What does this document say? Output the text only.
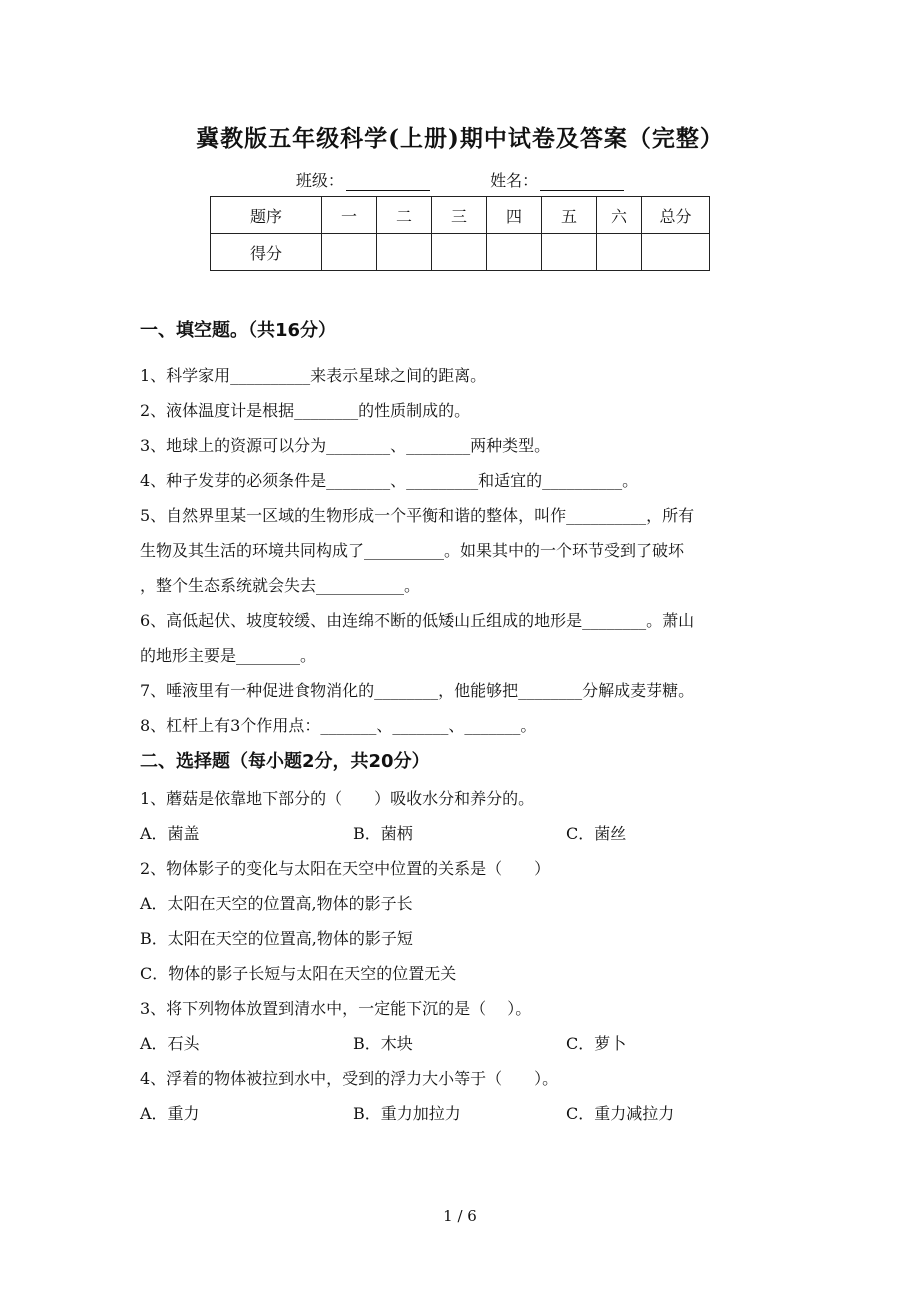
冀教版五年级科学(上册)期中试卷及答案（完整）
班级：	姓名：
题序	一	二	三	四	五	六	总分
得分							
一、填空题。（共16分）
1、科学家用__________来表示星球之间的距离。
2、液体温度计是根据________的性质制成的。
3、地球上的资源可以分为________、________两种类型。
4、种子发芽的必须条件是________、_________和适宜的__________。
5、自然界里某一区域的生物形成一个平衡和谐的整体，叫作__________，所有
生物及其生活的环境共同构成了__________。如果其中的一个环节受到了破坏
，整个生态系统就会失去___________。
6、高低起伏、坡度较缓、由连绵不断的低矮山丘组成的地形是________。萧山
的地形主要是________。
7、唾液里有一种促进食物消化的________，他能够把________分解成麦芽糖。
8、杠杆上有3个作用点：_______、_______、_______。
二、选择题（每小题2分，共20分）
1、蘑菇是依靠地下部分的（　　）吸收水分和养分的。
A．菌盖	B．菌柄	C．菌丝
2、物体影子的变化与太阳在天空中位置的关系是（　　）
A．太阳在天空的位置高,物体的影子长
B．太阳在天空的位置高,物体的影子短
C．物体的影子长短与太阳在天空的位置无关
3、将下列物体放置到清水中，一定能下沉的是（　 ）。
A．石头	B．木块	C．萝卜
4、浮着的物体被拉到水中，受到的浮力大小等于（　　）。
A．重力	B．重力加拉力	C．重力减拉力
1 / 6
